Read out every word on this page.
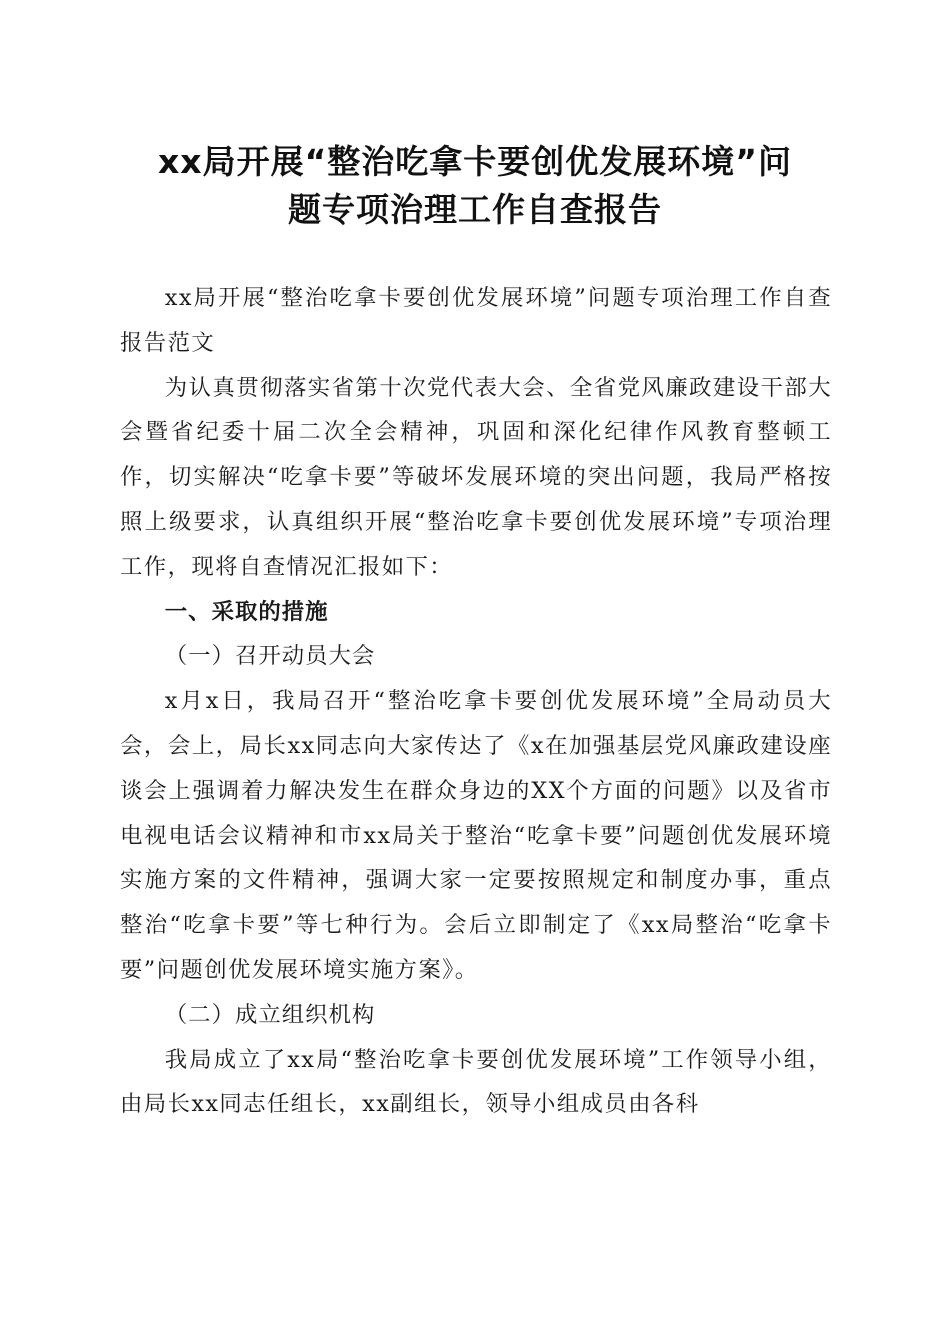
xx局开展“整治吃拿卡要创优发展环境”问
题专项治理工作自查报告

xx局开展“整治吃拿卡要创优发展环境”问题专项治理工作自查报告范文

为认真贯彻落实省第十次党代表大会、全省党风廉政建设干部大会暨省纪委十届二次全会精神，巩固和深化纪律作风教育整顿工作，切实解决“吃拿卡要”等破坏发展环境的突出问题，我局严格按照上级要求，认真组织开展“整治吃拿卡要创优发展环境”专项治理工作，现将自查情况汇报如下：

一、采取的措施

（一）召开动员大会

x月x日，我局召开“整治吃拿卡要创优发展环境”全局动员大会，会上，局长xx同志向大家传达了《x在加强基层党风廉政建设座谈会上强调着力解决发生在群众身边的XX个方面的问题》以及省市电视电话会议精神和市xx局关于整治“吃拿卡要”问题创优发展环境实施方案的文件精神，强调大家一定要按照规定和制度办事，重点整治“吃拿卡要”等七种行为。会后立即制定了《xx局整治“吃拿卡要”问题创优发展环境实施方案》。

（二）成立组织机构

我局成立了xx局“整治吃拿卡要创优发展环境”工作领导小组，由局长xx同志任组长，xx副组长，领导小组成员由各科
